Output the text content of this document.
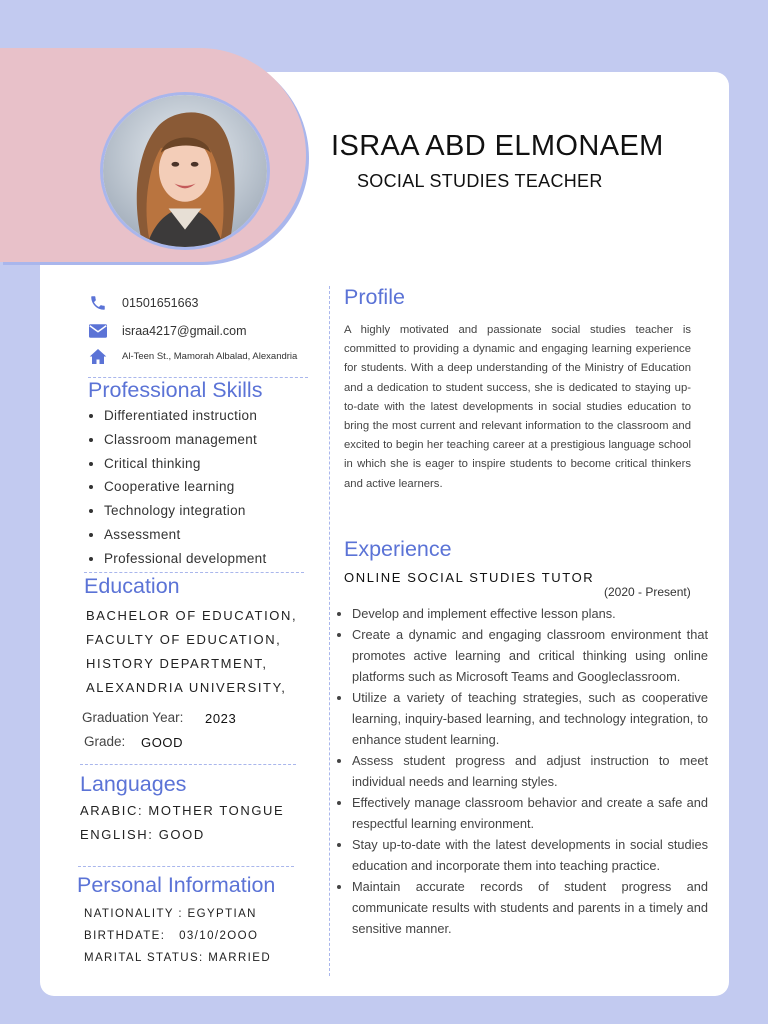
ISRAA ABD ELMONAEM
SOCIAL STUDIES TEACHER
01501651663
israa4217@gmail.com
Al-Teen St., Mamorah Albalad, Alexandria
Professional Skills
• Differentiated instruction
• Classroom management
• Critical thinking
• Cooperative learning
• Technology integration
• Assessment
• Professional development
Education
BACHELOR OF EDUCATION,
FACULTY OF EDUCATION,
HISTORY DEPARTMENT,
ALEXANDRIA UNIVERSITY,
Graduation Year: 2023
Grade: GOOD
Languages
ARABIC: MOTHER TONGUE
ENGLISH: GOOD
Personal Information
NATIONALITY : EGYPTIAN
BIRTHDATE:   03/10/2OOO
MARITAL STATUS: MARRIED
Profile

A highly motivated and passionate social studies teacher is committed to providing a dynamic and engaging learning experience for students. With a deep understanding of the Ministry of Education and a dedication to student success, she is dedicated to staying up-to-date with the latest developments in social studies education to bring the most current and relevant information to the classroom and excited to begin her teaching career at a prestigious language school in which she is eager to inspire students to become critical thinkers and active learners.

Experience
ONLINE SOCIAL STUDIES TUTOR
(2020 - Present)
• Develop and implement effective lesson plans.
• Create a dynamic and engaging classroom environment that promotes active learning and critical thinking using online platforms such as Microsoft Teams and Googleclassroom.
• Utilize a variety of teaching strategies, such as cooperative learning, inquiry-based learning, and technology integration, to enhance student learning.
• Assess student progress and adjust instruction to meet individual needs and learning styles.
• Effectively manage classroom behavior and create a safe and respectful learning environment.
• Stay up-to-date with the latest developments in social studies education and incorporate them into teaching practice.
• Maintain accurate records of student progress and communicate results with students and parents in a timely and sensitive manner.
